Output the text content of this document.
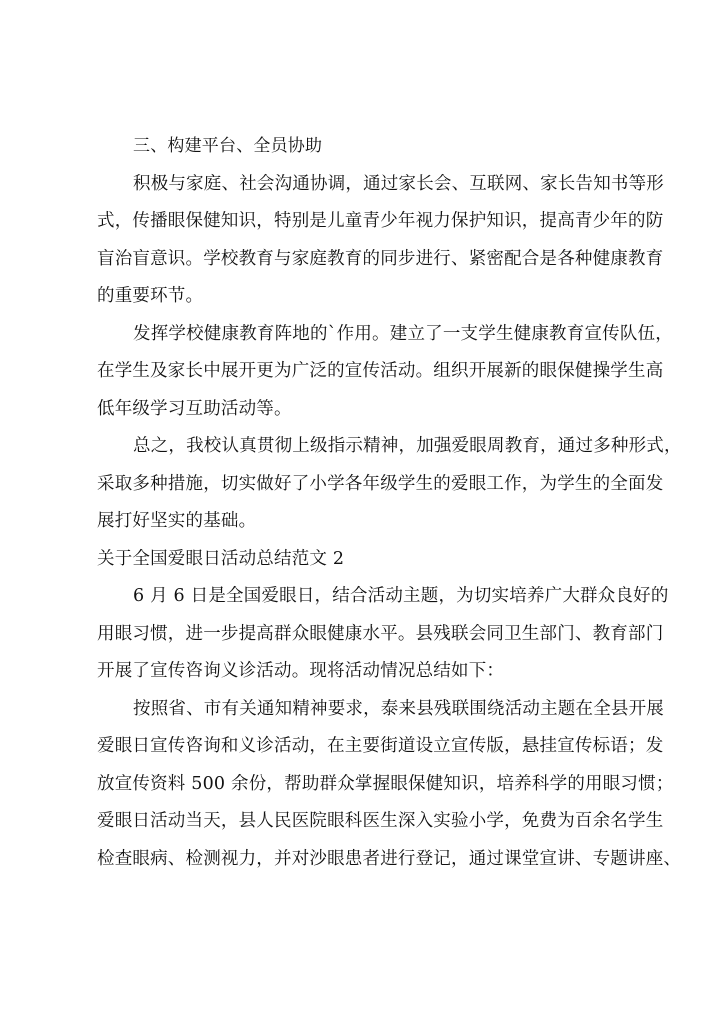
三、构建平台、全员协助
积极与家庭、社会沟通协调，通过家长会、互联网、家长告知书等形
式，传播眼保健知识，特别是儿童青少年视力保护知识，提高青少年的防
盲治盲意识。学校教育与家庭教育的同步进行、紧密配合是各种健康教育
的重要环节。
发挥学校健康教育阵地的`作用。建立了一支学生健康教育宣传队伍，
在学生及家长中展开更为广泛的宣传活动。组织开展新的眼保健操学生高
低年级学习互助活动等。
总之，我校认真贯彻上级指示精神，加强爱眼周教育，通过多种形式，
采取多种措施，切实做好了小学各年级学生的爱眼工作，为学生的全面发
展打好坚实的基础。
关于全国爱眼日活动总结范文 2
6 月 6 日是全国爱眼日，结合活动主题，为切实培养广大群众良好的
用眼习惯，进一步提高群众眼健康水平。县残联会同卫生部门、教育部门
开展了宣传咨询义诊活动。现将活动情况总结如下：
按照省、市有关通知精神要求，泰来县残联围绕活动主题在全县开展
爱眼日宣传咨询和义诊活动，在主要街道设立宣传版，悬挂宣传标语；发
放宣传资料 500 余份，帮助群众掌握眼保健知识，培养科学的用眼习惯；
爱眼日活动当天，县人民医院眼科医生深入实验小学，免费为百余名学生
检查眼病、检测视力，并对沙眼患者进行登记，通过课堂宣讲、专题讲座、
